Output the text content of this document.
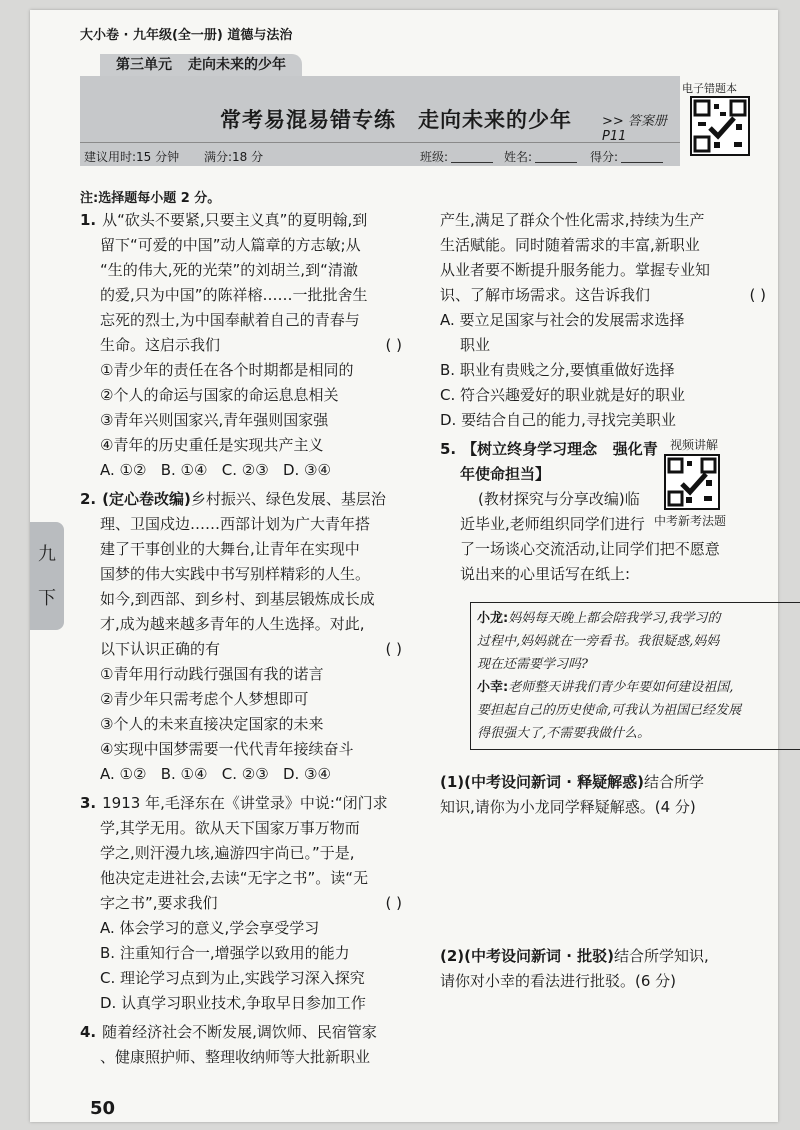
大小卷 · 九年级(全一册) 道德与法治
第三单元 走向未来的少年
常考易混易错专练 走向未来的少年 >> 答案册 P11
建议用时:15 分钟 满分:18 分	班级:	姓名:	得分:
电子错题本
九
下
注:选择题每小题 2 分。

1. 从“砍头不要紧,只要主义真”的夏明翰,到

留下“可爱的中国”动人篇章的方志敏;从

“生的伟大,死的光荣”的刘胡兰,到“清澈

的爱,只为中国”的陈祥榕……一批批舍生

忘死的烈士,为中国奉献着自己的青春与

生命。这启示我们	( )

①青少年的责任在各个时期都是相同的

②个人的命运与国家的命运息息相关

③青年兴则国家兴,青年强则国家强

④青年的历史重任是实现共产主义

A. ①②   B. ①④   C. ②③   D. ③④

2. (定心卷改编)乡村振兴、绿色发展、基层治

理、卫国戍边……西部计划为广大青年搭

建了干事创业的大舞台,让青年在实现中

国梦的伟大实践中书写别样精彩的人生。

如今,到西部、到乡村、到基层锻炼成长成

才,成为越来越多青年的人生选择。对此,

以下认识正确的有	( )

①青年用行动践行强国有我的诺言

②青少年只需考虑个人梦想即可

③个人的未来直接决定国家的未来

④实现中国梦需要一代代青年接续奋斗

A. ①②   B. ①④   C. ②③   D. ③④

3. 1913 年,毛泽东在《讲堂录》中说:“闭门求

学,其学无用。欲从天下国家万事万物而

学之,则汗漫九垓,遍游四宇尚已。”于是,

他决定走进社会,去读“无字之书”。读“无

字之书”,要求我们	( )

A. 体会学习的意义,学会享受学习

B. 注重知行合一,增强学以致用的能力

C. 理论学习点到为止,实践学习深入探究

D. 认真学习职业技术,争取早日参加工作

4. 随着经济社会不断发展,调饮师、民宿管家

、健康照护师、整理收纳师等大批新职业

产生,满足了群众个性化需求,持续为生产

生活赋能。同时随着需求的丰富,新职业

从业者要不断提升服务能力。掌握专业知

识、了解市场需求。这告诉我们	( )

A. 要立足国家与社会的发展需求选择

职业

B. 职业有贵贱之分,要慎重做好选择

C. 符合兴趣爱好的职业就是好的职业

D. 要结合自己的能力,寻找完美职业

5. 【树立终身学习理念   强化青

年使命担当】

(教材探究与分享改编)临

近毕业,老师组织同学们进行

了一场谈心交流活动,让同学们把不愿意

说出来的心里话写在纸上:

视频讲解
中考新考法题
小龙:妈妈每天晚上都会陪我学习,我学习的
过程中,妈妈就在一旁看书。我很疑惑,妈妈
现在还需要学习吗?
小幸:老师整天讲我们青少年要如何建设祖国,
要担起自己的历史使命,可我认为祖国已经发展
得很强大了,不需要我做什么。

(1)(中考设问新词 · 释疑解惑)结合所学

知识,请你为小龙同学释疑解惑。(4 分)

(2)(中考设问新词 · 批驳)结合所学知识,

请你对小幸的看法进行批驳。(6 分)

50
